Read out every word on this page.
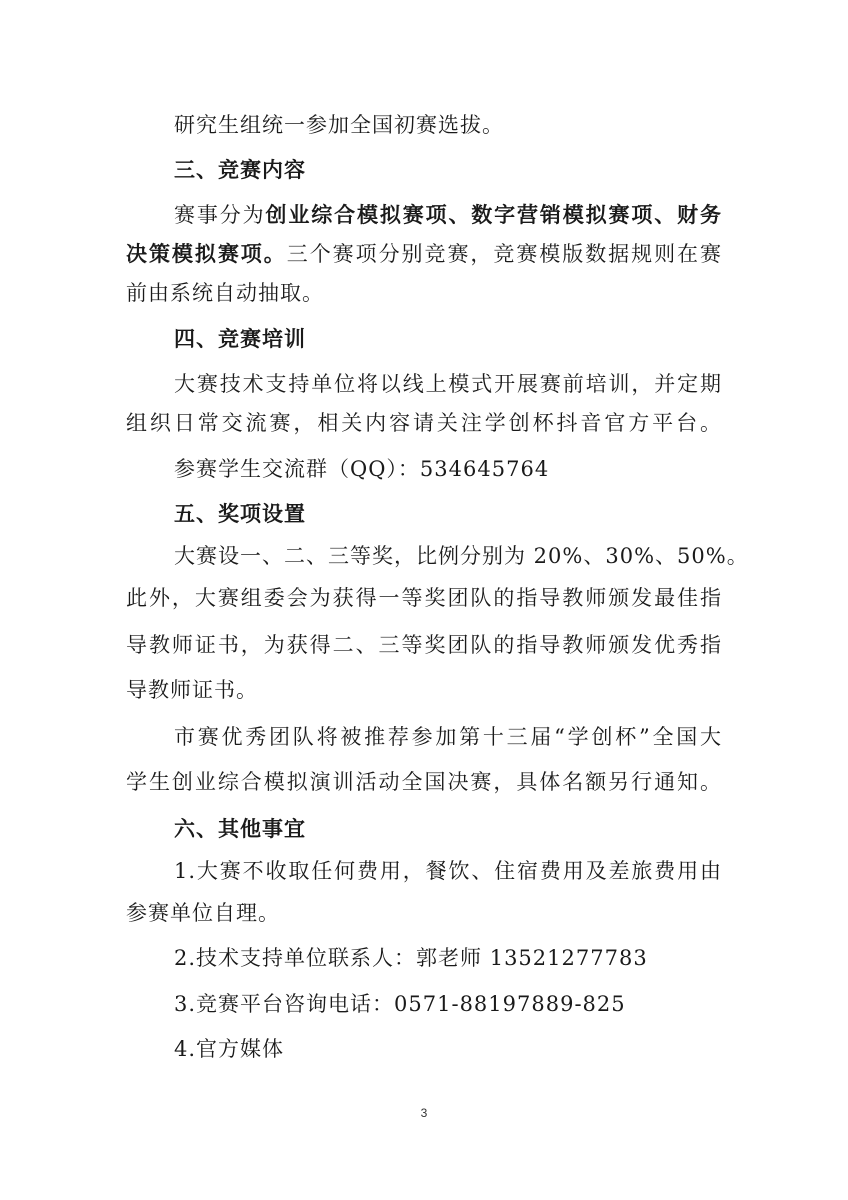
研究生组统一参加全国初赛选拔。
三、竞赛内容
赛事分为创业综合模拟赛项、数字营销模拟赛项、财务
决策模拟赛项。三个赛项分别竞赛，竞赛模版数据规则在赛
前由系统自动抽取。
四、竞赛培训
大赛技术支持单位将以线上模式开展赛前培训，并定期
组织日常交流赛，相关内容请关注学创杯抖音官方平台。
参赛学生交流群（QQ）：534645764
五、奖项设置
大赛设一、二、三等奖，比例分别为 20%、30%、50%。
此外，大赛组委会为获得一等奖团队的指导教师颁发最佳指
导教师证书，为获得二、三等奖团队的指导教师颁发优秀指
导教师证书。
市赛优秀团队将被推荐参加第十三届“学创杯”全国大
学生创业综合模拟演训活动全国决赛，具体名额另行通知。
六、其他事宜
1.大赛不收取任何费用，餐饮、住宿费用及差旅费用由
参赛单位自理。
2.技术支持单位联系人：郭老师 13521277783
3.竞赛平台咨询电话：0571-88197889-825
4.官方媒体
3
